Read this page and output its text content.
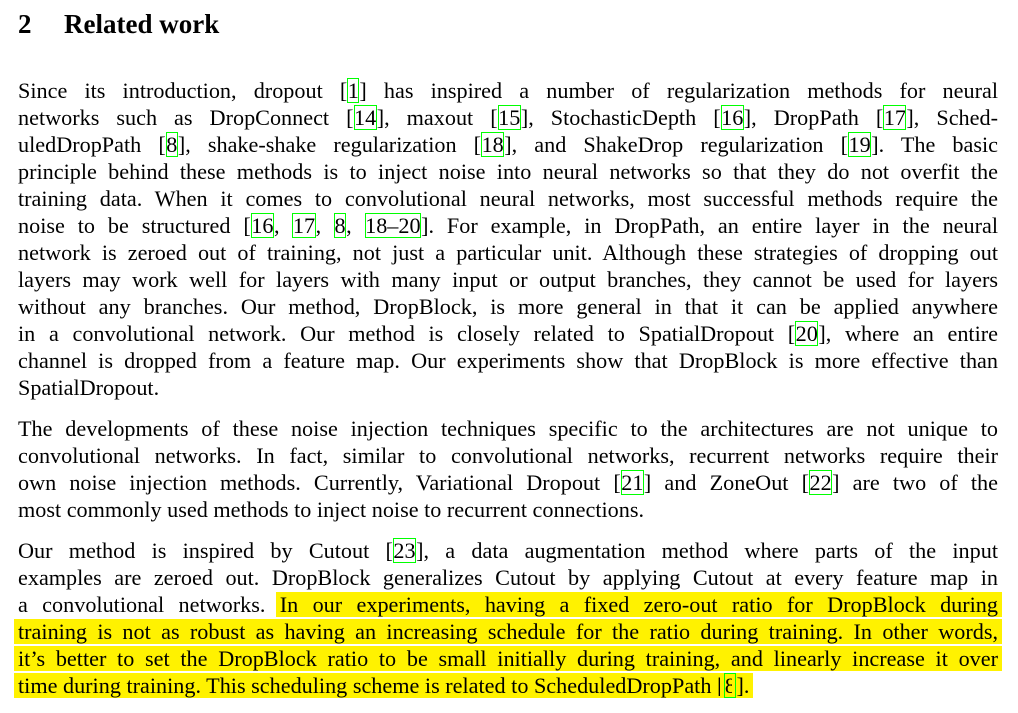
2 Related work
Since its introduction, dropout [1] has inspired a number of regularization methods for neural
networks such as DropConnect [14], maxout [15], StochasticDepth [16], DropPath [17], Sched-
uledDropPath [8], shake-shake regularization [18], and ShakeDrop regularization [19]. The basic
principle behind these methods is to inject noise into neural networks so that they do not overfit the
training data. When it comes to convolutional neural networks, most successful methods require the
noise to be structured [16, 17, 8, 18–20]. For example, in DropPath, an entire layer in the neural
network is zeroed out of training, not just a particular unit. Although these strategies of dropping out
layers may work well for layers with many input or output branches, they cannot be used for layers
without any branches. Our method, DropBlock, is more general in that it can be applied anywhere
in a convolutional network. Our method is closely related to SpatialDropout [20], where an entire
channel is dropped from a feature map. Our experiments show that DropBlock is more effective than
SpatialDropout.
The developments of these noise injection techniques specific to the architectures are not unique to
convolutional networks. In fact, similar to convolutional networks, recurrent networks require their
own noise injection methods. Currently, Variational Dropout [21] and ZoneOut [22] are two of the
most commonly used methods to inject noise to recurrent connections.
Our method is inspired by Cutout [23], a data augmentation method where parts of the input
examples are zeroed out. DropBlock generalizes Cutout by applying Cutout at every feature map in
a convolutional networks. In our experiments, having a fixed zero-out ratio for DropBlock during
training is not as robust as having an increasing schedule for the ratio during training. In other words,
it’s better to set the DropBlock ratio to be small initially during training, and linearly increase it over
time during training. This scheduling scheme is related to ScheduledDropPath [8].
